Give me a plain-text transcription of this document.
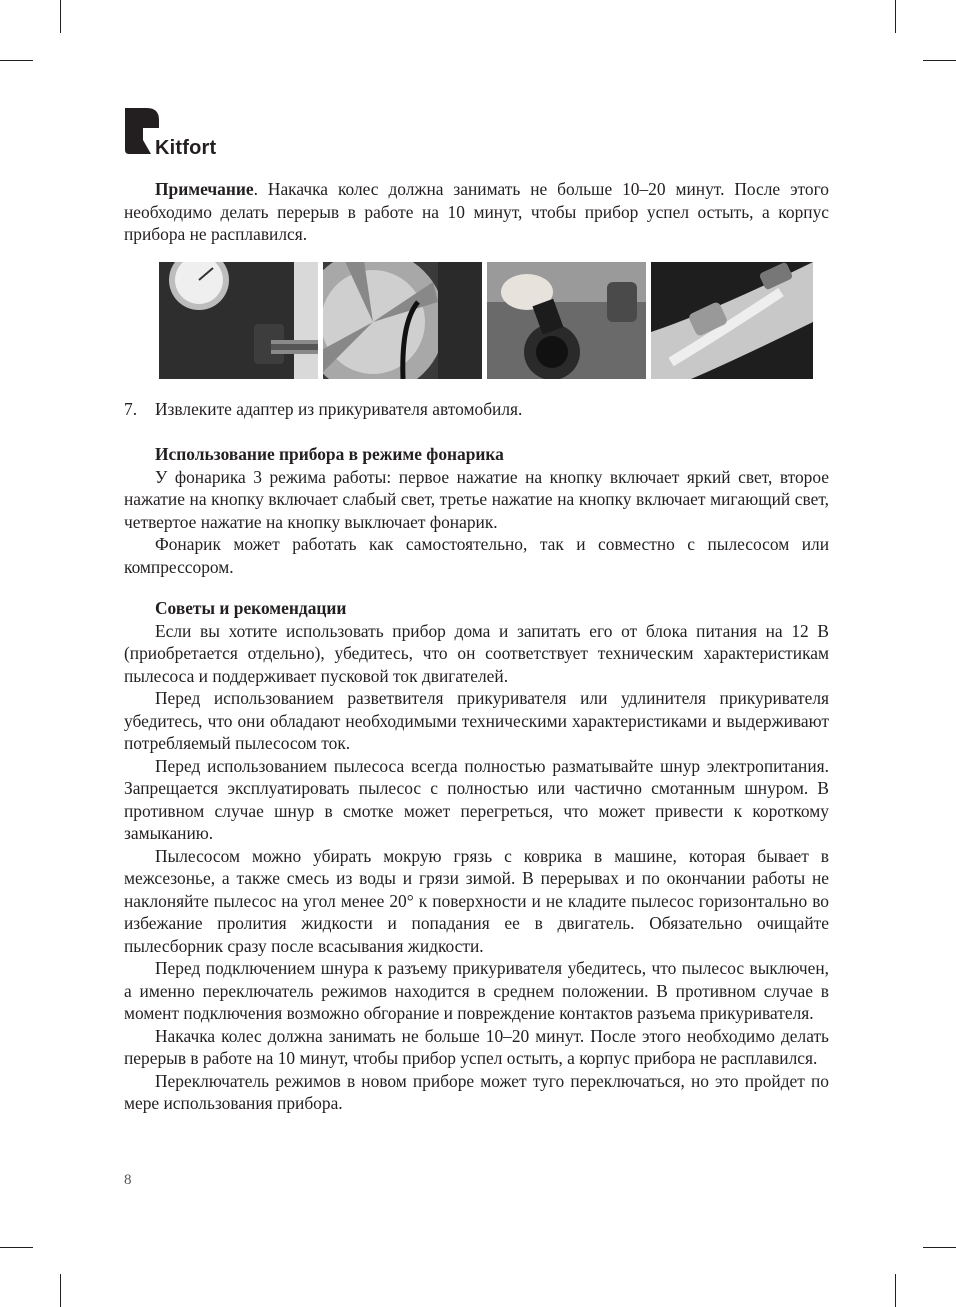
Kitfort

Примечание. Накачка колес должна занимать не больше 10–20 минут. После этого необходимо делать перерыв в работе на 10 минут, чтобы прибор успел остыть, а корпус прибора не расплавился.

7. Извлеките адаптер из прикуривателя автомобиля.

Использование прибора в режиме фонарика

У фонарика 3 режима работы: первое нажатие на кнопку включает яркий свет, второе нажатие на кнопку включает слабый свет, третье нажатие на кнопку включает мигающий свет, четвертое нажатие на кнопку выключает фонарик.

Фонарик может работать как самостоятельно, так и совместно с пылесосом или компрессором.

Советы и рекомендации

Если вы хотите использовать прибор дома и запитать его от блока питания на 12 В (приобретается отдельно), убедитесь, что он соответствует техническим характеристикам пылесоса и поддерживает пусковой ток двигателей.

Перед использованием разветвителя прикуривателя или удлинителя прикуривателя убедитесь, что они обладают необходимыми техническими характеристиками и выдерживают потребляемый пылесосом ток.

Перед использованием пылесоса всегда полностью разматывайте шнур электропитания. Запрещается эксплуатировать пылесос с полностью или частично смотанным шнуром. В противном случае шнур в смотке может перегреться, что может привести к короткому замыканию.

Пылесосом можно убирать мокрую грязь с коврика в машине, которая бывает в межсезонье, а также смесь из воды и грязи зимой. В перерывах и по окончании работы не наклоняйте пылесос на угол менее 20° к поверхности и не кладите пылесос горизонтально во избежание пролития жидкости и попадания ее в двигатель. Обязательно очищайте пылесборник сразу после всасывания жидкости.

Перед подключением шнура к разъему прикуривателя убедитесь, что пылесос выключен, а именно переключатель режимов находится в среднем положении. В противном случае в момент подключения возможно обгорание и повреждение контактов разъема прикуривателя.

Накачка колес должна занимать не больше 10–20 минут. После этого необходимо делать перерыв в работе на 10 минут, чтобы прибор успел остыть, а корпус прибора не расплавился.

Переключатель режимов в новом приборе может туго переключаться, но это пройдет по мере использования прибора.

8
